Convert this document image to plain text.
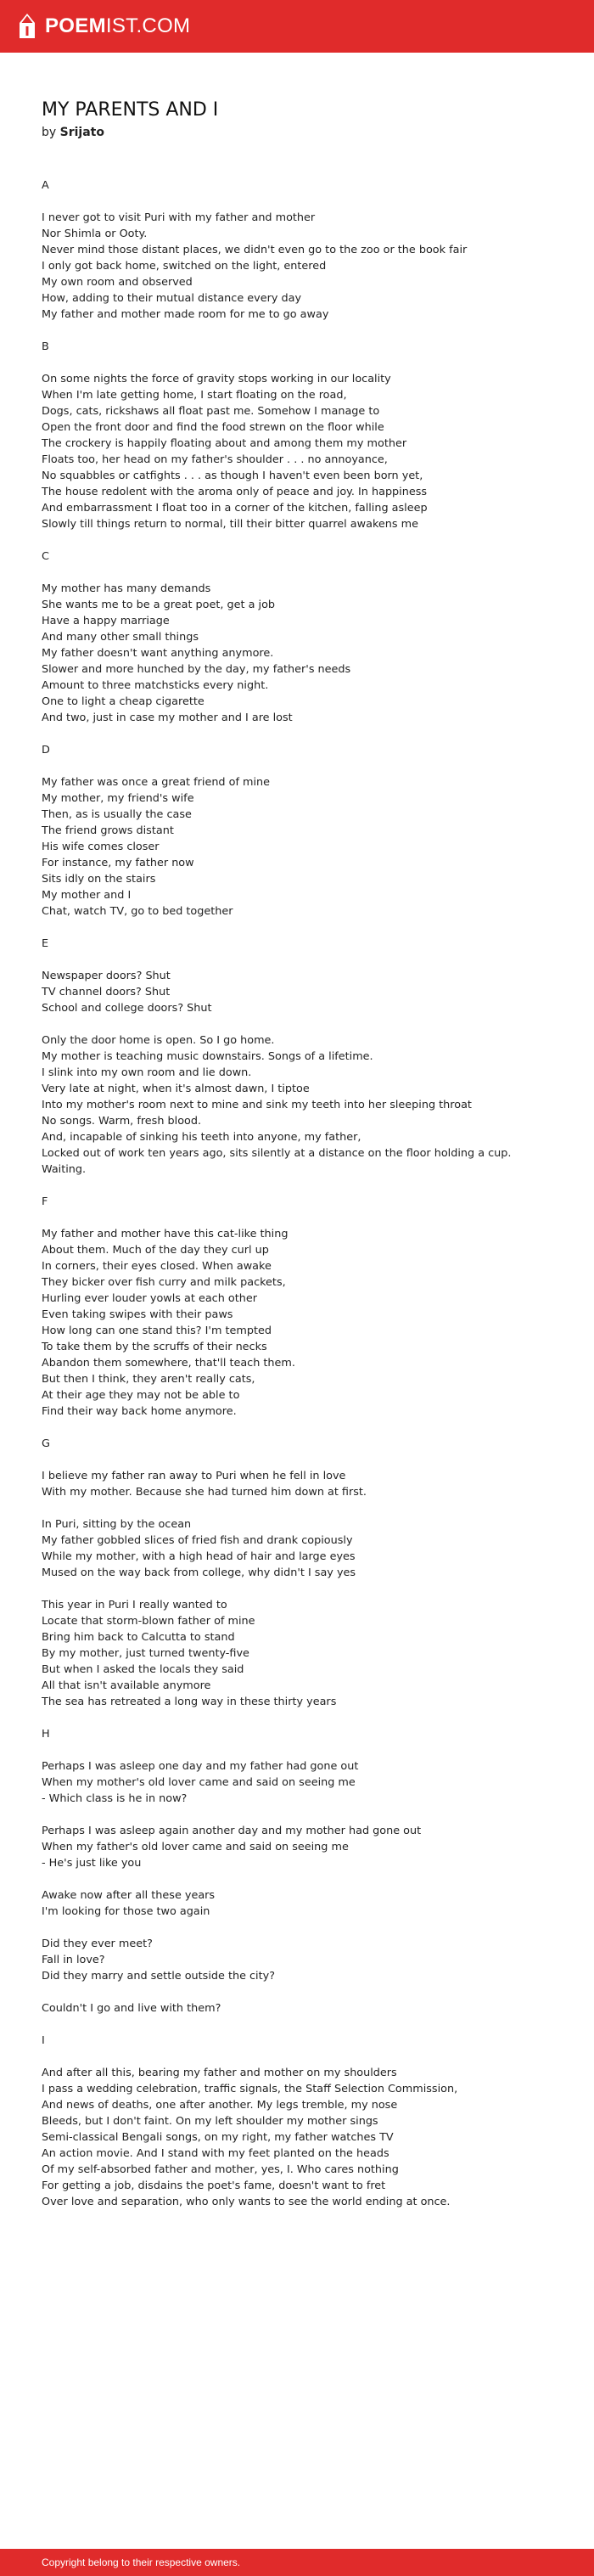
POEMIST.COM
MY PARENTS AND I
by Srijato
A
I never got to visit Puri with my father and mother
Nor Shimla or Ooty.
Never mind those distant places, we didn't even go to the zoo or the book fair
I only got back home, switched on the light, entered
My own room and observed
How, adding to their mutual distance every day
My father and mother made room for me to go away
B
On some nights the force of gravity stops working in our locality
When I'm late getting home, I start floating on the road,
Dogs, cats, rickshaws all float past me. Somehow I manage to
Open the front door and find the food strewn on the floor while
The crockery is happily floating about and among them my mother
Floats too, her head on my father's shoulder . . . no annoyance,
No squabbles or catfights . . . as though I haven't even been born yet,
The house redolent with the aroma only of peace and joy. In happiness
And embarrassment I float too in a corner of the kitchen, falling asleep
Slowly till things return to normal, till their bitter quarrel awakens me
C
My mother has many demands
She wants me to be a great poet, get a job
Have a happy marriage
And many other small things
My father doesn't want anything anymore.
Slower and more hunched by the day, my father's needs
Amount to three matchsticks every night.
One to light a cheap cigarette
And two, just in case my mother and I are lost
D
My father was once a great friend of mine
My mother, my friend's wife
Then, as is usually the case
The friend grows distant
His wife comes closer
For instance, my father now
Sits idly on the stairs
My mother and I
Chat, watch TV, go to bed together
E
Newspaper doors? Shut
TV channel doors? Shut
School and college doors? Shut
Only the door home is open. So I go home.
My mother is teaching music downstairs. Songs of a lifetime.
I slink into my own room and lie down.
Very late at night, when it's almost dawn, I tiptoe
Into my mother's room next to mine and sink my teeth into her sleeping throat
No songs. Warm, fresh blood.
And, incapable of sinking his teeth into anyone, my father,
Locked out of work ten years ago, sits silently at a distance on the floor holding a cup. Waiting.
F
My father and mother have this cat-like thing
About them. Much of the day they curl up
In corners, their eyes closed. When awake
They bicker over fish curry and milk packets,
Hurling ever louder yowls at each other
Even taking swipes with their paws
How long can one stand this? I'm tempted
To take them by the scruffs of their necks
Abandon them somewhere, that'll teach them.
But then I think, they aren't really cats,
At their age they may not be able to
Find their way back home anymore.
G
I believe my father ran away to Puri when he fell in love
With my mother. Because she had turned him down at first.
In Puri, sitting by the ocean
My father gobbled slices of fried fish and drank copiously
While my mother, with a high head of hair and large eyes
Mused on the way back from college, why didn't I say yes
This year in Puri I really wanted to
Locate that storm-blown father of mine
Bring him back to Calcutta to stand
By my mother, just turned twenty-five
But when I asked the locals they said
All that isn't available anymore
The sea has retreated a long way in these thirty years
H
Perhaps I was asleep one day and my father had gone out
When my mother's old lover came and said on seeing me
- Which class is he in now?
Perhaps I was asleep again another day and my mother had gone out
When my father's old lover came and said on seeing me
- He's just like you
Awake now after all these years
I'm looking for those two again
Did they ever meet?
Fall in love?
Did they marry and settle outside the city?
Couldn't I go and live with them?
I
And after all this, bearing my father and mother on my shoulders
I pass a wedding celebration, traffic signals, the Staff Selection Commission,
And news of deaths, one after another. My legs tremble, my nose
Bleeds, but I don't faint. On my left shoulder my mother sings
Semi-classical Bengali songs, on my right, my father watches TV
An action movie. And I stand with my feet planted on the heads
Of my self-absorbed father and mother, yes, I. Who cares nothing
For getting a job, disdains the poet's fame, doesn't want to fret
Over love and separation, who only wants to see the world ending at once.
Copyright belong to their respective owners.
